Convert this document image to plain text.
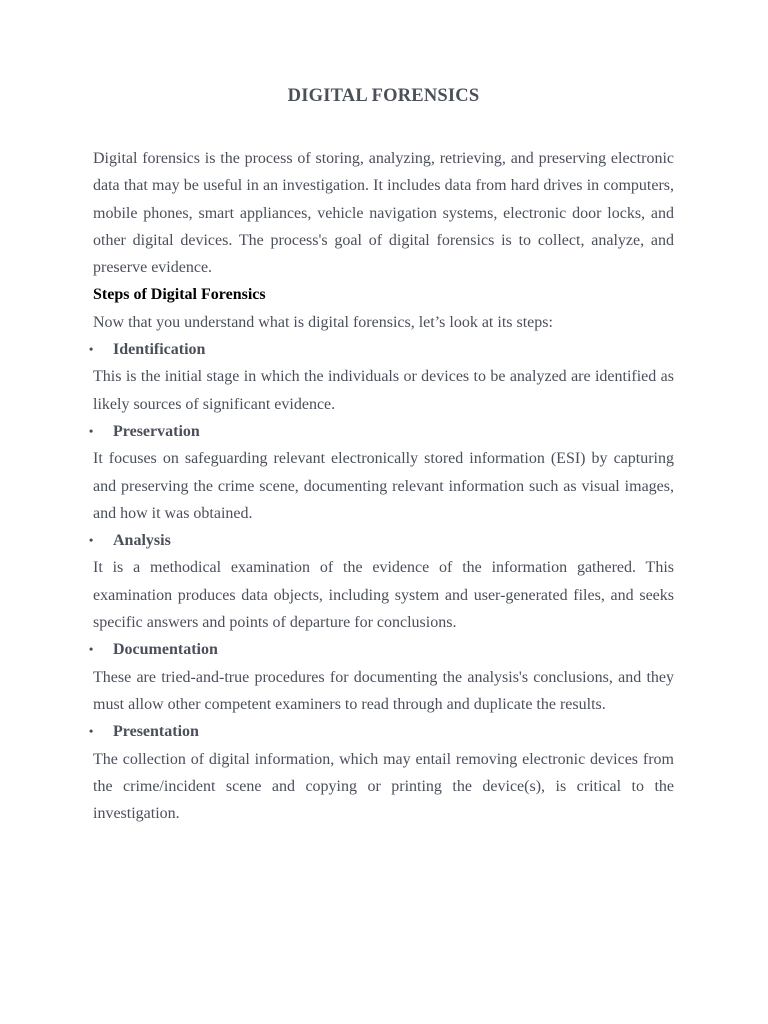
DIGITAL FORENSICS

Digital forensics is the process of storing, analyzing, retrieving, and preserving electronic data that may be useful in an investigation. It includes data from hard drives in computers, mobile phones, smart appliances, vehicle navigation systems, electronic door locks, and other digital devices. The process's goal of digital forensics is to collect, analyze, and preserve evidence.

Steps of Digital Forensics

Now that you understand what is digital forensics, let’s look at its steps:

• Identification

This is the initial stage in which the individuals or devices to be analyzed are identified as likely sources of significant evidence.

• Preservation

It focuses on safeguarding relevant electronically stored information (ESI) by capturing and preserving the crime scene, documenting relevant information such as visual images, and how it was obtained.

• Analysis

It is a methodical examination of the evidence of the information gathered. This examination produces data objects, including system and user-generated files, and seeks specific answers and points of departure for conclusions.

• Documentation

These are tried-and-true procedures for documenting the analysis's conclusions, and they must allow other competent examiners to read through and duplicate the results.

• Presentation

The collection of digital information, which may entail removing electronic devices from the crime/incident scene and copying or printing the device(s), is critical to the investigation.
